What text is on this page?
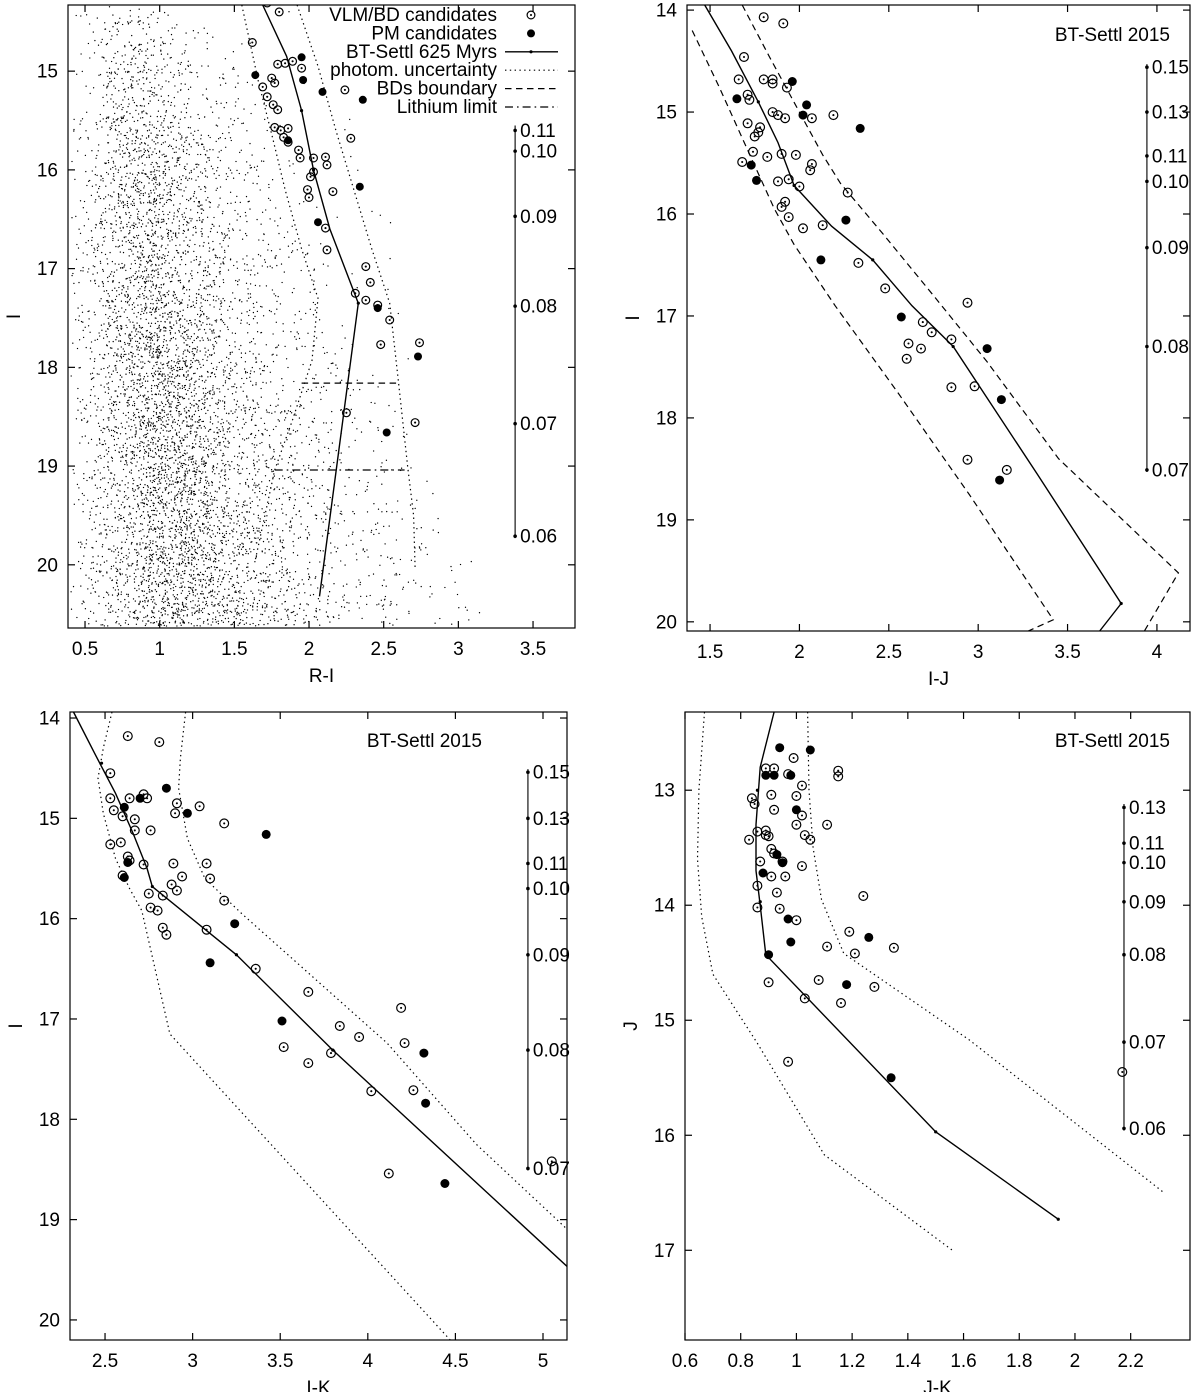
0.11
0.10
0.09
0.08
0.07
0.06
0.5	1	1.5	2	2.5	3	3.5
15
16
17
18
19
20
R-I
I
VLM/BD candidates
PM candidates
BT-Settl 625 Myrs
photom. uncertainty
BDs boundary
Lithium limit
0.15
0.13
0.11
0.10
0.09
0.08
0.07
1.5	2	2.5	3	3.5	4
14
15
16
17
18
19
20
I-J
I
BT-Settl 2015
0.15
0.13
0.11
0.10
0.09
0.08
0.07
2.5	3	3.5	4	4.5	5
14
15
16
17
18
19
20
I-K
I
BT-Settl 2015
0.13
0.11
0.10
0.09
0.08
0.07
0.06
0.6 0.8 1 1.2 1.4 1.6 1.8 2 2.2
13
14
15
16
17
J-K
J
BT-Settl 2015
